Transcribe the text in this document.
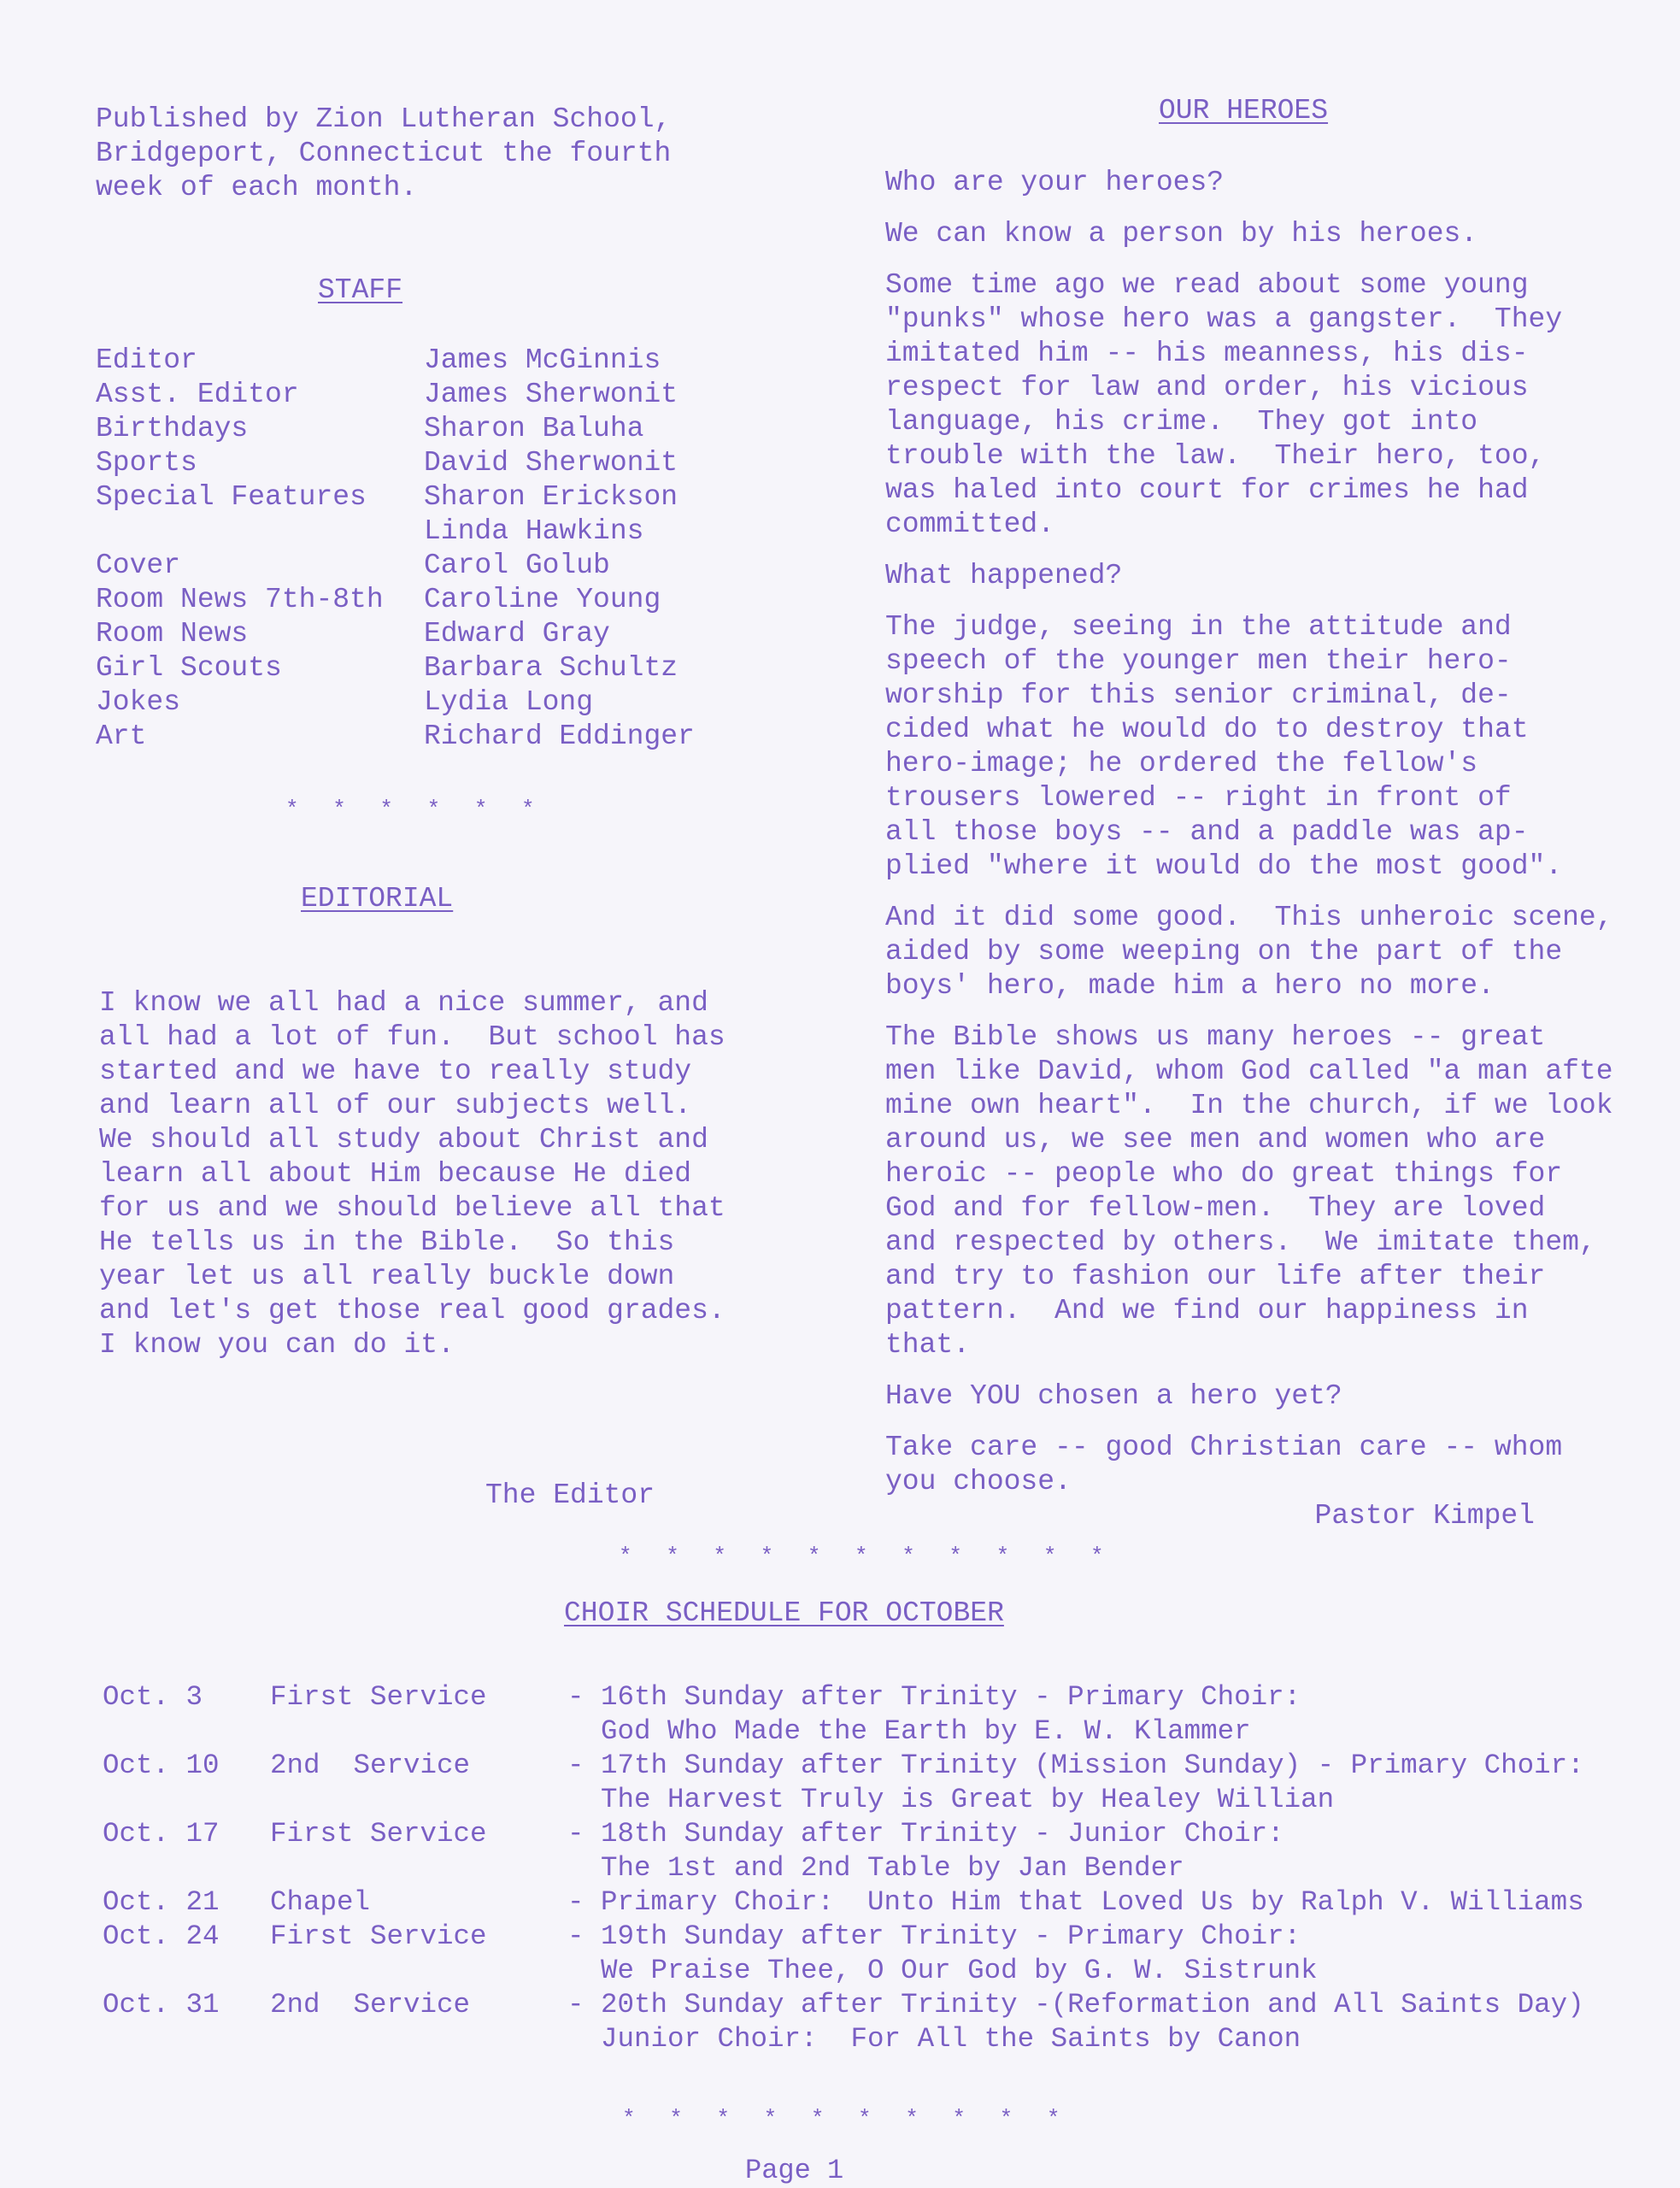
Published by Zion Lutheran School,
Bridgeport, Connecticut the fourth
week of each month.
STAFF
Editor	James McGinnis
Asst. Editor	James Sherwonit
Birthdays	Sharon Baluha
Sports	David Sherwonit
Special Features	Sharon Erickson
Linda Hawkins
Cover	Carol Golub
Room News 7th-8th	Caroline Young
Room News	Edward Gray
Girl Scouts	Barbara Schultz
Jokes	Lydia Long
Art	Richard Eddinger
* * * * * *
EDITORIAL
I know we all had a nice summer, and
all had a lot of fun.  But school has
started and we have to really study
and learn all of our subjects well.
We should all study about Christ and
learn all about Him because He died
for us and we should believe all that
He tells us in the Bible.  So this
year let us all really buckle down
and let's get those real good grades.
I know you can do it.
The Editor
OUR HEROES

Who are your heroes?

We can know a person by his heroes.

Some time ago we read about some young
"punks" whose hero was a gangster.  They
imitated him -- his meanness, his dis-
respect for law and order, his vicious
language, his crime.  They got into
trouble with the law.  Their hero, too,
was haled into court for crimes he had
committed.

What happened?

The judge, seeing in the attitude and
speech of the younger men their hero-
worship for this senior criminal, de-
cided what he would do to destroy that
hero-image; he ordered the fellow's
trousers lowered -- right in front of
all those boys -- and a paddle was ap-
plied "where it would do the most good".

And it did some good.  This unheroic scene,
aided by some weeping on the part of the
boys' hero, made him a hero no more.

The Bible shows us many heroes -- great
men like David, whom God called "a man afte
mine own heart".  In the church, if we look
around us, we see men and women who are
heroic -- people who do great things for
God and for fellow-men.  They are loved
and respected by others.  We imitate them,
and try to fashion our life after their
pattern.  And we find our happiness in
that.

Have YOU chosen a hero yet?

Take care -- good Christian care -- whom
you choose.

Pastor Kimpel
* * * * * * * * * * *
CHOIR SCHEDULE FOR OCTOBER
Oct. 3	First Service	- 16th Sunday after Trinity - Primary Choir:
God Who Made the Earth by E. W. Klammer
Oct. 10	2nd  Service	- 17th Sunday after Trinity (Mission Sunday) - Primary Choir:
The Harvest Truly is Great by Healey Willian
Oct. 17	First Service	- 18th Sunday after Trinity - Junior Choir:
The 1st and 2nd Table by Jan Bender
Oct. 21	Chapel	- Primary Choir:  Unto Him that Loved Us by Ralph V. Williams
Oct. 24	First Service	- 19th Sunday after Trinity - Primary Choir:
We Praise Thee, O Our God by G. W. Sistrunk
Oct. 31	2nd  Service	- 20th Sunday after Trinity -(Reformation and All Saints Day)
Junior Choir:  For All the Saints by Canon
* * * * * * * * * *
Page 1
